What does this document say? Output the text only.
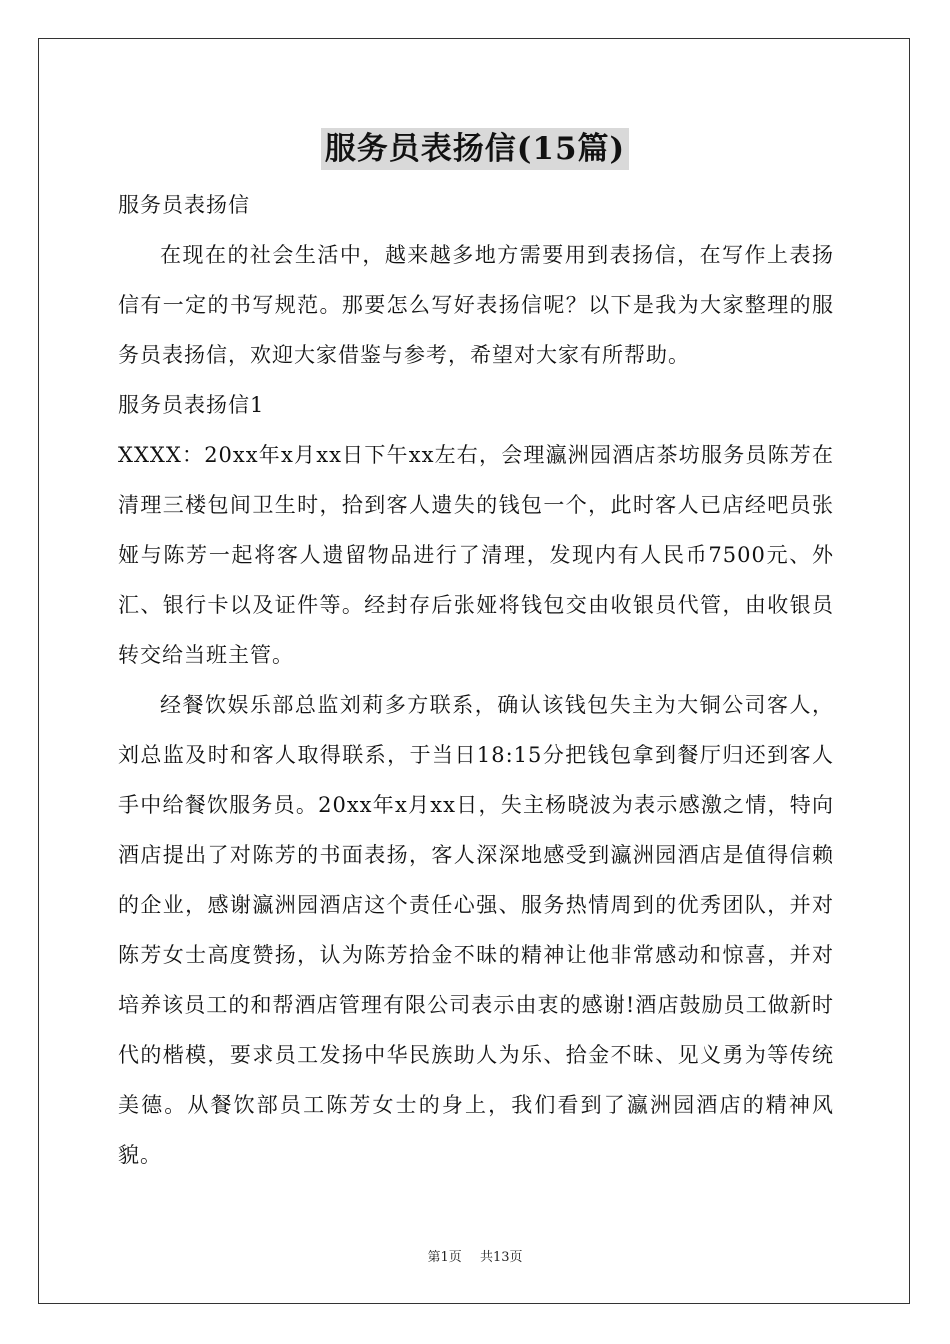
服务员表扬信(15篇)

服务员表扬信

在现在的社会生活中，越来越多地方需要用到表扬信，在写作上表扬信有一定的书写规范。那要怎么写好表扬信呢？以下是我为大家整理的服务员表扬信，欢迎大家借鉴与参考，希望对大家有所帮助。

服务员表扬信1

XXXX：20xx年x月xx日下午xx左右，会理瀛洲园酒店茶坊服务员陈芳在清理三楼包间卫生时，拾到客人遗失的钱包一个，此时客人已店经吧员张娅与陈芳一起将客人遗留物品进行了清理，发现内有人民币7500元、外汇、银行卡以及证件等。经封存后张娅将钱包交由收银员代管，由收银员转交给当班主管。

经餐饮娱乐部总监刘莉多方联系，确认该钱包失主为大铜公司客人，刘总监及时和客人取得联系，于当日18:15分把钱包拿到餐厅归还到客人手中给餐饮服务员。20xx年x月xx日，失主杨晓波为表示感激之情，特向酒店提出了对陈芳的书面表扬，客人深深地感受到瀛洲园酒店是值得信赖的企业，感谢瀛洲园酒店这个责任心强、服务热情周到的优秀团队，并对陈芳女士高度赞扬，认为陈芳拾金不昧的精神让他非常感动和惊喜，并对培养该员工的和帮酒店管理有限公司表示由衷的感谢!酒店鼓励员工做新时代的楷模，要求员工发扬中华民族助人为乐、拾金不昧、见义勇为等传统美德。从餐饮部员工陈芳女士的身上，我们看到了瀛洲园酒店的精神风貌。

第1页 共13页
